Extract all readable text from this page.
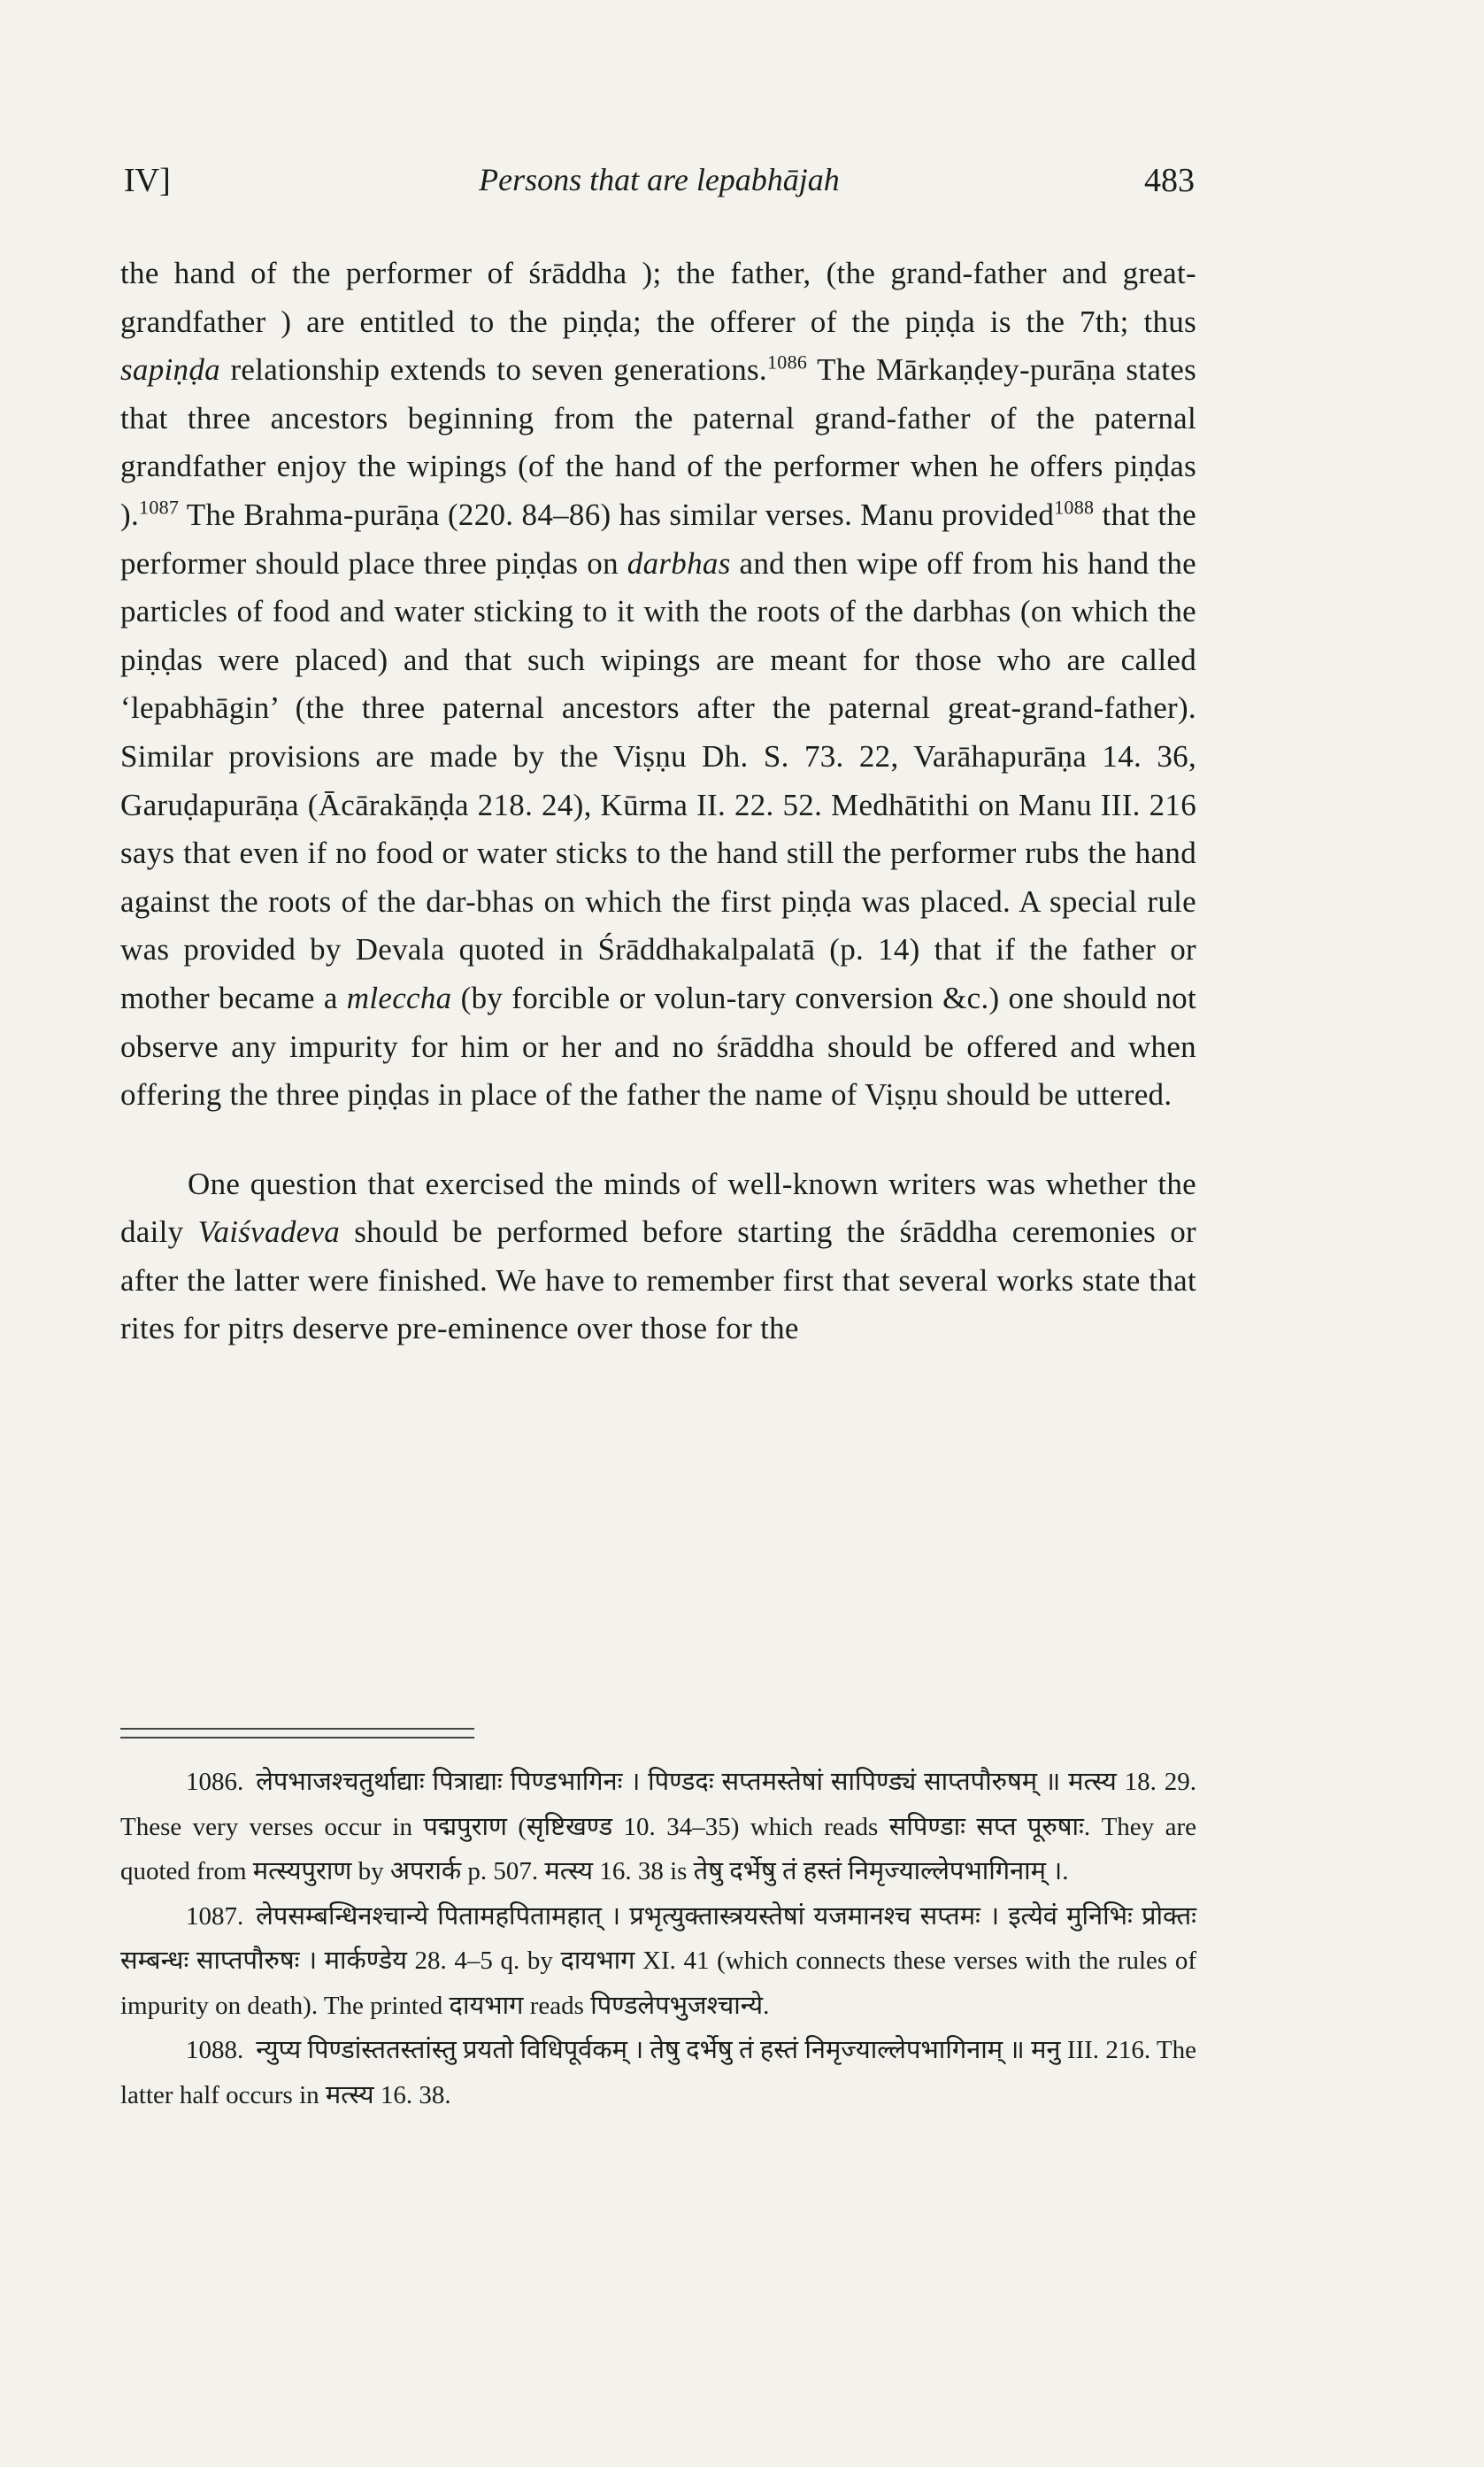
IV]	Persons that are lepabhājah	483

the hand of the performer of śrāddha ); the father, (the grand-father and great-grandfather ) are entitled to the piṇḍa; the offerer of the piṇḍa is the 7th; thus sapiṇḍa relationship extends to seven generations.$^{1086}$ The Mārkaṇḍey-purāṇa states that three ancestors beginning from the paternal grand-father of the paternal grandfather enjoy the wipings (of the hand of the performer when he offers piṇḍas ).$^{1087}$ The Brahma-purāṇa (220. 84–86) has similar verses. Manu provided$^{1088}$ that the performer should place three piṇḍas on darbhas and then wipe off from his hand the particles of food and water sticking to it with the roots of the darbhas (on which the piṇḍas were placed) and that such wipings are meant for those who are called ‘lepabhāgin’ (the three paternal ancestors after the paternal great-grand-father). Similar provisions are made by the Viṣṇu Dh. S. 73. 22, Varāhapurāṇa 14. 36, Garuḍapurāṇa (Ācārakāṇḍa 218. 24), Kūrma II. 22. 52. Medhātithi on Manu III. 216 says that even if no food or water sticks to the hand still the performer rubs the hand against the roots of the dar-bhas on which the first piṇḍa was placed. A special rule was provided by Devala quoted in Śrāddhakalpalatā (p. 14) that if the father or mother became a mleccha (by forcible or volun-tary conversion &c.) one should not observe any impurity for him or her and no śrāddha should be offered and when offering the three piṇḍas in place of the father the name of Viṣṇu should be uttered.

One question that exercised the minds of well-known writers was whether the daily Vaiśvadeva should be performed before starting the śrāddha ceremonies or after the latter were finished. We have to remember first that several works state that rites for pitṛs deserve pre-eminence over those for the

1086. लेपभाजश्चतुर्थाद्याः पित्राद्याः पिण्डभागिनः । पिण्डदः सप्तमस्तेषां सापिण्ड्यं साप्तपौरुषम् ॥ मत्स्य 18. 29. These very verses occur in पद्मपुराण (सृष्टिखण्ड 10. 34–35) which reads सपिण्डाः सप्त पूरुषाः. They are quoted from मत्स्यपुराण by अपरार्क p. 507. मत्स्य 16. 38 is तेषु दर्भेषु तं हस्तं निमृज्याल्लेपभागिनाम् ।.

1087. लेपसम्बन्धिनश्चान्ये पितामहपितामहात् । प्रभृत्युक्तास्त्रयस्तेषां यजमानश्च सप्तमः । इत्येवं मुनिभिः प्रोक्तः सम्बन्धः साप्तपौरुषः । मार्कण्डेय 28. 4–5 q. by दायभाग XI. 41 (which connects these verses with the rules of impurity on death). The printed दायभाग reads पिण्डलेपभुजश्चान्ये.

1088. न्युप्य पिण्डांस्ततस्तांस्तु प्रयतो विधिपूर्वकम् । तेषु दर्भेषु तं हस्तं निमृज्याल्लेपभागिनाम् ॥ मनु III. 216. The latter half occurs in मत्स्य 16. 38.
